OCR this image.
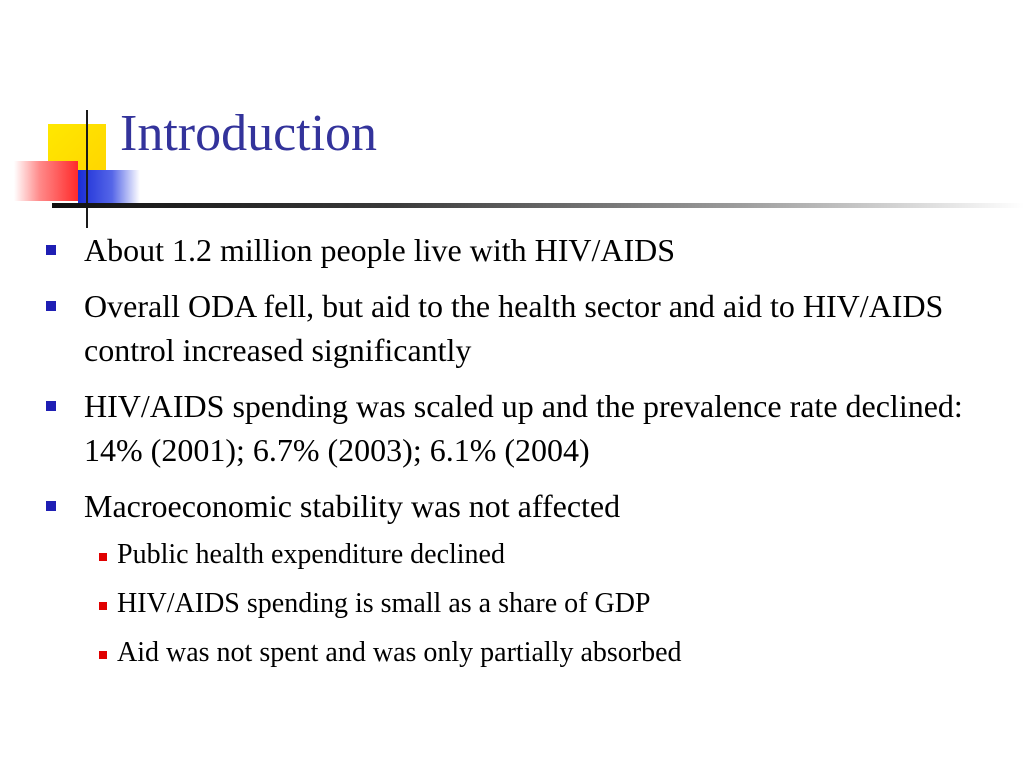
Introduction
About 1.2 million people live with HIV/AIDS
Overall ODA fell, but aid to the health sector and aid to HIV/AIDS control increased significantly
HIV/AIDS spending was scaled up and the prevalence rate declined: 14% (2001); 6.7% (2003); 6.1% (2004)
Macroeconomic stability was not affected
Public health expenditure declined
HIV/AIDS spending is small as a share of GDP
Aid was not spent and was only partially absorbed
